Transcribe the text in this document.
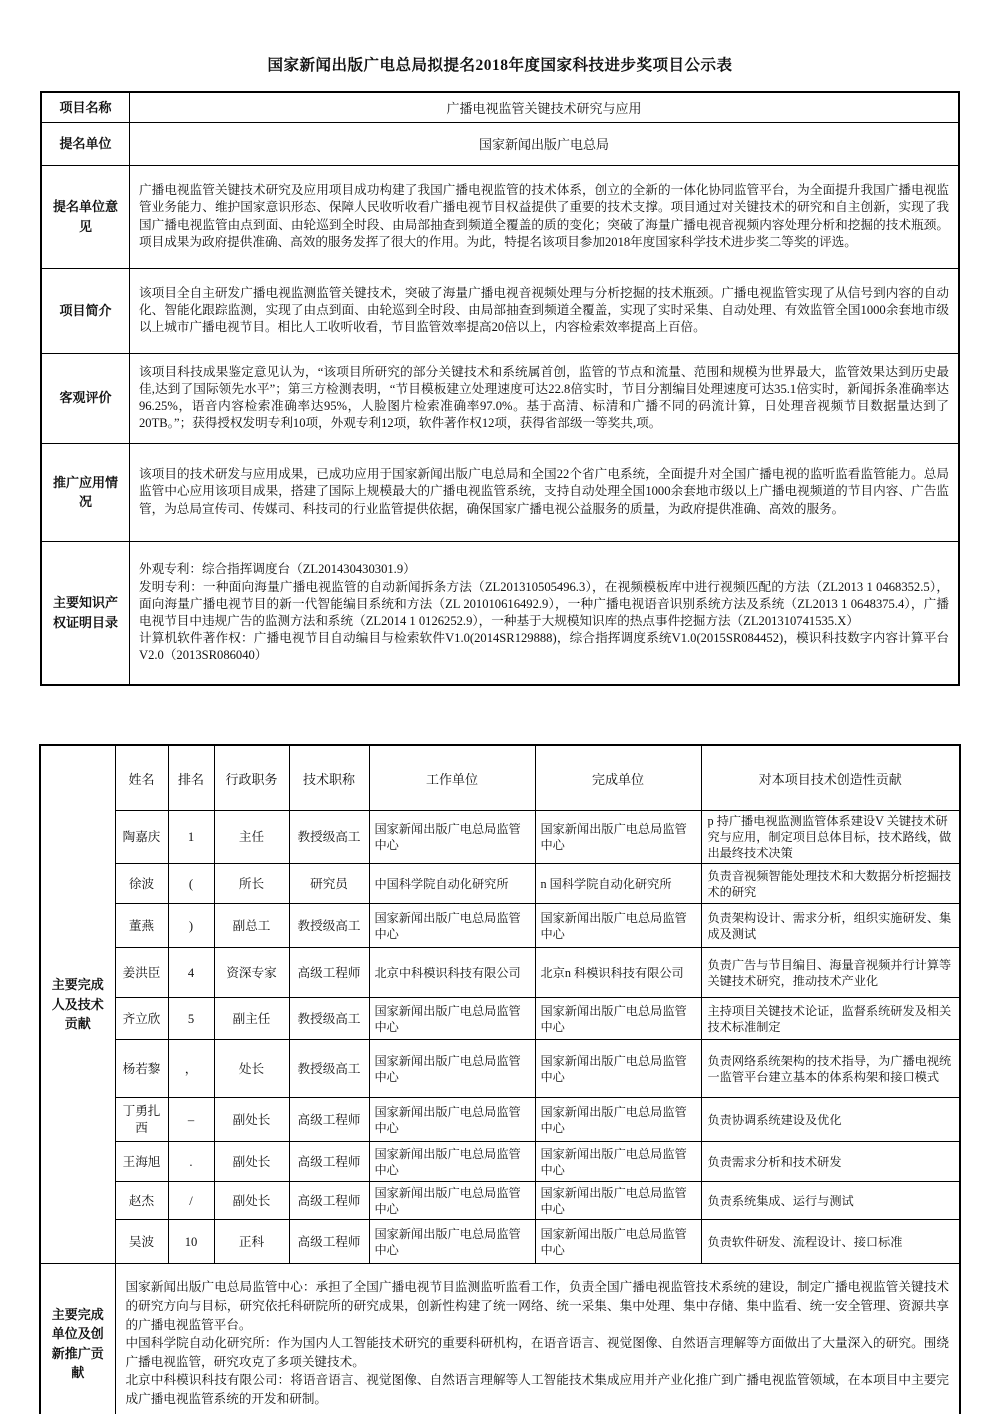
国家新闻出版广电总局拟提名2018年度国家科技进步奖项目公示表
项目名称	广播电视监管关键技术研究与应用
提名单位	国家新闻出版广电总局
提名单位意见	广播电视监管关键技术研究及应用项目成功构建了我国广播电视监管的技术体系，创立的全新的一体化协同监管平台，为全面提升我国广播电视监管业务能力、维护国家意识形态、保障人民收听收看广播电视节目权益提供了重要的技术支撑。项目通过对关键技术的研究和自主创新，实现了我国广播电视监管由点到面、由轮巡到全时段、由局部抽查到频道全覆盖的质的变化；突破了海量广播电视音视频内容处理分析和挖掘的技术瓶颈。项目成果为政府提供准确、高效的服务发挥了很大的作用。为此，特提名该项目参加2018年度国家科学技术进步奖二等奖的评选。
项目简介	该项目全自主研发广播电视监测监管关键技术，突破了海量广播电视音视频处理与分析挖掘的技术瓶颈。广播电视监管实现了从信号到内容的自动化、智能化跟踪监测，实现了由点到面、由轮巡到全时段、由局部抽查到频道全覆盖，实现了实时采集、自动处理、有效监管全国1000余套地市级以上城市广播电视节目。相比人工收听收看，节目监管效率提高20倍以上，内容检索效率提高上百倍。
客观评价	该项目科技成果鉴定意见认为，“该项目所研究的部分关键技术和系统属首创，监管的节点和流量、范围和规模为世界最大，监管效果达到历史最佳,达到了国际领先水平”；第三方检测表明，“节目模板建立处理速度可达22.8倍实时，节目分割编目处理速度可达35.1倍实时，新闻拆条准确率达96.25%，语音内容检索准确率达95%，人脸图片检索准确率97.0%。基于高清、标清和广播不同的码流计算，日处理音视频节目数据量达到了20TB。”；获得授权发明专利10项，外观专利12项，软件著作权12项，获得省部级一等奖共,项。
推广应用情况	该项目的技术研发与应用成果，已成功应用于国家新闻出版广电总局和全国22个省广电系统，全面提升对全国广播电视的监听监看监管能力。总局监管中心应用该项目成果，搭建了国际上规模最大的广播电视监管系统，支持自动处理全国1000余套地市级以上广播电视频道的节目内容、广告监管，为总局宣传司、传媒司、科技司的行业监管提供依据，确保国家广播电视公益服务的质量，为政府提供准确、高效的服务。
主要知识产权证明目录	外观专利：综合指挥调度台（ZL201430430301.9）

发明专利：一种面向海量广播电视监管的自动新闻拆条方法（ZL201310505496.3），在视频模板库中进行视频匹配的方法（ZL2013 1 0468352.5），面向海量广播电视节目的新一代智能编目系统和方法（ZL 201010616492.9），一种广播电视语音识别系统方法及系统（ZL2013 1 0648375.4），广播电视节目中违规广告的监测方法和系统（ZL2014 1 0126252.9），一种基于大规模知识库的热点事件挖掘方法（ZL201310741535.X）

计算机软件著作权：广播电视节目自动编目与检索软件V1.0(2014SR129888)，综合指挥调度系统V1.0(2015SR084452)，模识科技数字内容计算平台V2.0（2013SR086040）

主要完成人及技术贡献	姓名	排名	行政职务	技术职称	工作单位	完成单位	对本项目技术创造性贡献
	陶嘉庆	1	主任	教授级高工	国家新闻出版广电总局监管中心	国家新闻出版广电总局监管中心	p 持广播电视监测监管体系建设V 关键技术研究与应用，制定项目总体目标，技术路线，做出最终技术决策
	徐波	(	所长	研究员	中国科学院自动化研究所	n 国科学院自动化研究所	负责音视频智能处理技术和大数据分析挖掘技术的研究
	董燕	)	副总工	教授级高工	国家新闻出版广电总局监管中心	国家新闻出版广电总局监管中心	负责架构设计、需求分析，组织实施研发、集成及测试
	姜洪臣	4	资深专家	高级工程师	北京中科模识科技有限公司	北京n 科模识科技有限公司	负责广告与节目编目、海量音视频并行计算等关键技术研究，推动技术产业化
	齐立欣	5	副主任	教授级高工	国家新闻出版广电总局监管中心	国家新闻出版广电总局监管中心	主持项目关键技术论证，监督系统研发及相关技术标准制定
	杨若黎	，	处长	教授级高工	国家新闻出版广电总局监管中心	国家新闻出版广电总局监管中心	负责网络系统架构的技术指导，为广播电视统一监管平台建立基本的体系构架和接口模式
	丁勇扎西	–	副处长	高级工程师	国家新闻出版广电总局监管中心	国家新闻出版广电总局监管中心	负责协调系统建设及优化
	王海旭	.	副处长	高级工程师	国家新闻出版广电总局监管中心	国家新闻出版广电总局监管中心	负责需求分析和技术研发
	赵杰	/	副处长	高级工程师	国家新闻出版广电总局监管中心	国家新闻出版广电总局监管中心	负责系统集成、运行与测试
	吴波	10	正科	高级工程师	国家新闻出版广电总局监管中心	国家新闻出版广电总局监管中心	负责软件研发、流程设计、接口标准
主要完成单位及创新推广贡献	国家新闻出版广电总局监管中心：承担了全国广播电视节目监测监听监看工作，负责全国广播电视监管技术系统的建设，制定广播电视监管关键技术的研究方向与目标，研究依托科研院所的研究成果，创新性构建了统一网络、统一采集、集中处理、集中存储、集中监看、统一安全管理、资源共享的广播电视监管平台。

中国科学院自动化研究所：作为国内人工智能技术研究的重要科研机构，在语音语言、视觉图像、自然语言理解等方面做出了大量深入的研究。围绕广播电视监管，研究攻克了多项关键技术。

北京中科模识科技有限公司：将语音语言、视觉图像、自然语言理解等人工智能技术集成应用并产业化推广到广播电视监管领域，在本项目中主要完成广播电视监管系统的开发和研制。						
